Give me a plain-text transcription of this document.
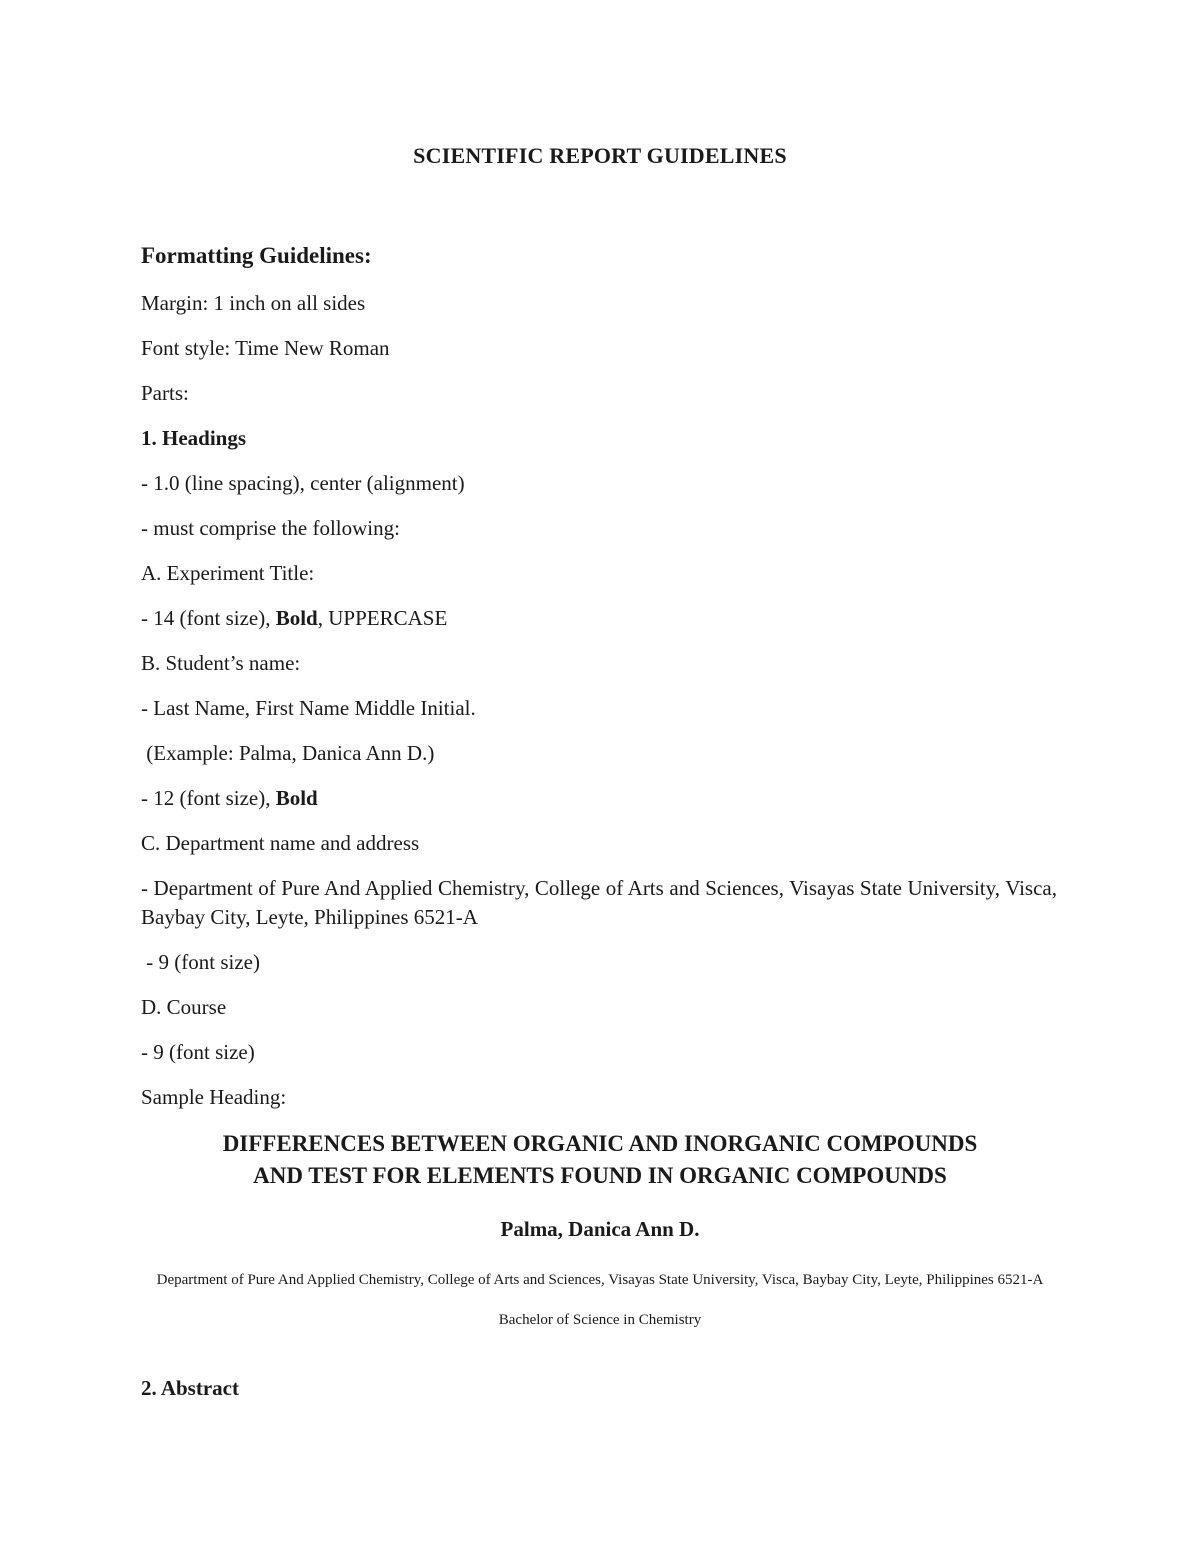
SCIENTIFIC REPORT GUIDELINES
Formatting Guidelines:
Margin: 1 inch on all sides
Font style: Time New Roman
Parts:
1. Headings
- 1.0 (line spacing), center (alignment)
- must comprise the following:
A. Experiment Title:
- 14 (font size), Bold, UPPERCASE
B. Student’s name:
- Last Name, First Name Middle Initial.
(Example: Palma, Danica Ann D.)
- 12 (font size), Bold
C. Department name and address
- Department of Pure And Applied Chemistry, College of Arts and Sciences, Visayas State University, Visca, Baybay City, Leyte, Philippines 6521-A
- 9 (font size)
D. Course
- 9 (font size)
Sample Heading:
DIFFERENCES BETWEEN ORGANIC AND INORGANIC COMPOUNDS
AND TEST FOR ELEMENTS FOUND IN ORGANIC COMPOUNDS
Palma, Danica Ann D.
Department of Pure And Applied Chemistry, College of Arts and Sciences, Visayas State University, Visca, Baybay City, Leyte, Philippines 6521-A
Bachelor of Science in Chemistry
2. Abstract
